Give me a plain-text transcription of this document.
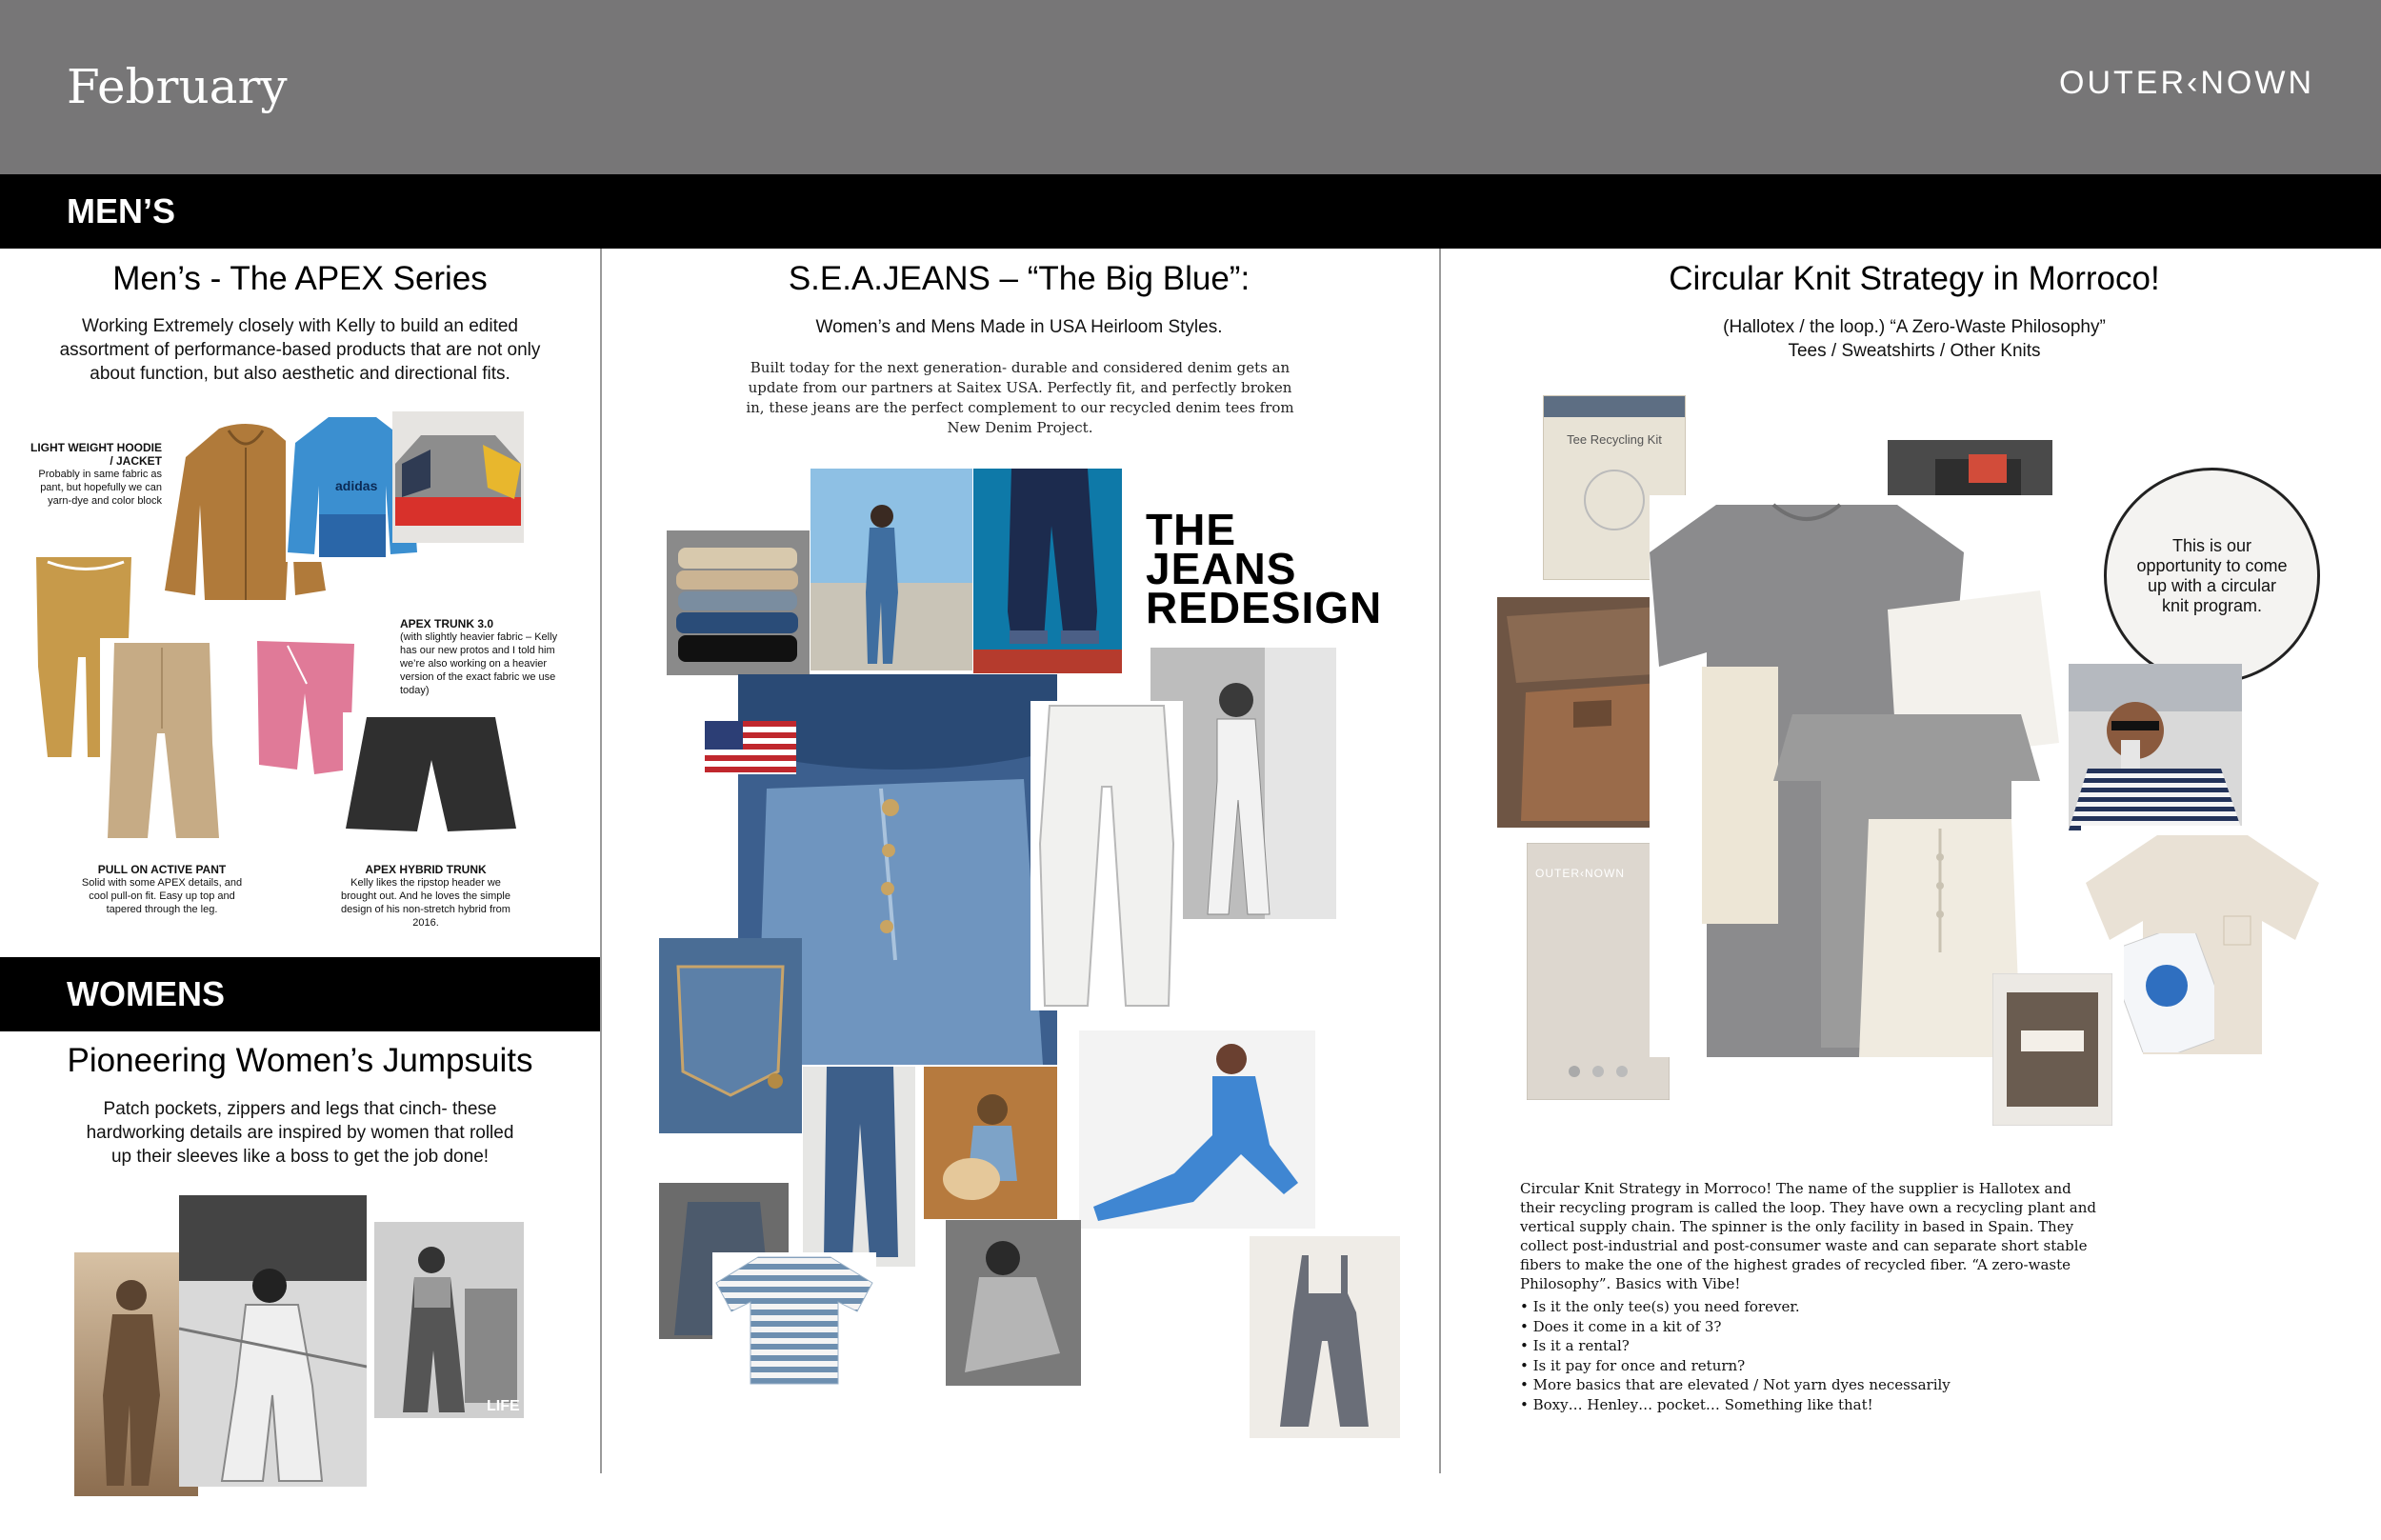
February	OUTER‹NOWN
MEN’S
Men’s - The APEX Series
Working Extremely closely with Kelly to build an edited assortment of performance-based products that are not only about function, but also aesthetic and directional fits.
adidas
LIGHT WEIGHT HOODIE / JACKET
Probably in same fabric as pant, but hopefully we can yarn-dye and color block
APEX TRUNK 3.0
(with slightly heavier fabric – Kelly has our new protos and I told him we’re also working on a heavier version of the exact fabric we use today)
PULL ON ACTIVE PANT
Solid with some APEX details, and cool pull-on fit. Easy up top and tapered through the leg.
APEX HYBRID TRUNK
Kelly likes the ripstop header we brought out. And he loves the simple design of his non-stretch hybrid from 2016.
WOMENS
Pioneering Women’s Jumpsuits
Patch pockets, zippers and legs that cinch- these hardworking details are inspired by women that rolled up their sleeves like a boss to get the job done!
LIFE
S.E.A.JEANS – “The Big Blue”:
Women’s and Mens Made in USA Heirloom Styles.
Built today for the next generation- durable and considered denim gets an update from our partners at Saitex USA. Perfectly fit, and perfectly broken in, these jeans are the perfect complement to our recycled denim tees from New Denim Project.
THE
JEANS
REDESIGN
Circular Knit Strategy in Morroco!
(Hallotex / the loop.) “A Zero-Waste Philosophy”
Tees / Sweatshirts / Other Knits
Tee Recycling Kit
This is our opportunity to come up with a circular knit program.
OUTER‹NOWN
Circular Knit Strategy in Morroco! The name of the supplier is Hallotex and their recycling program is called the loop. They have own a recycling plant and vertical supply chain. The spinner is the only facility in based in Spain. They collect post-industrial and post-consumer waste and can separate short stable fibers to make the one of the highest grades of recycled fiber. “A zero-waste Philosophy”. Basics with Vibe!
• Is it the only tee(s) you need forever.
• Does it come in a kit of 3?
• Is it a rental?
• Is it pay for once and return?
• More basics that are elevated / Not yarn dyes necessarily
• Boxy… Henley… pocket… Something like that!
